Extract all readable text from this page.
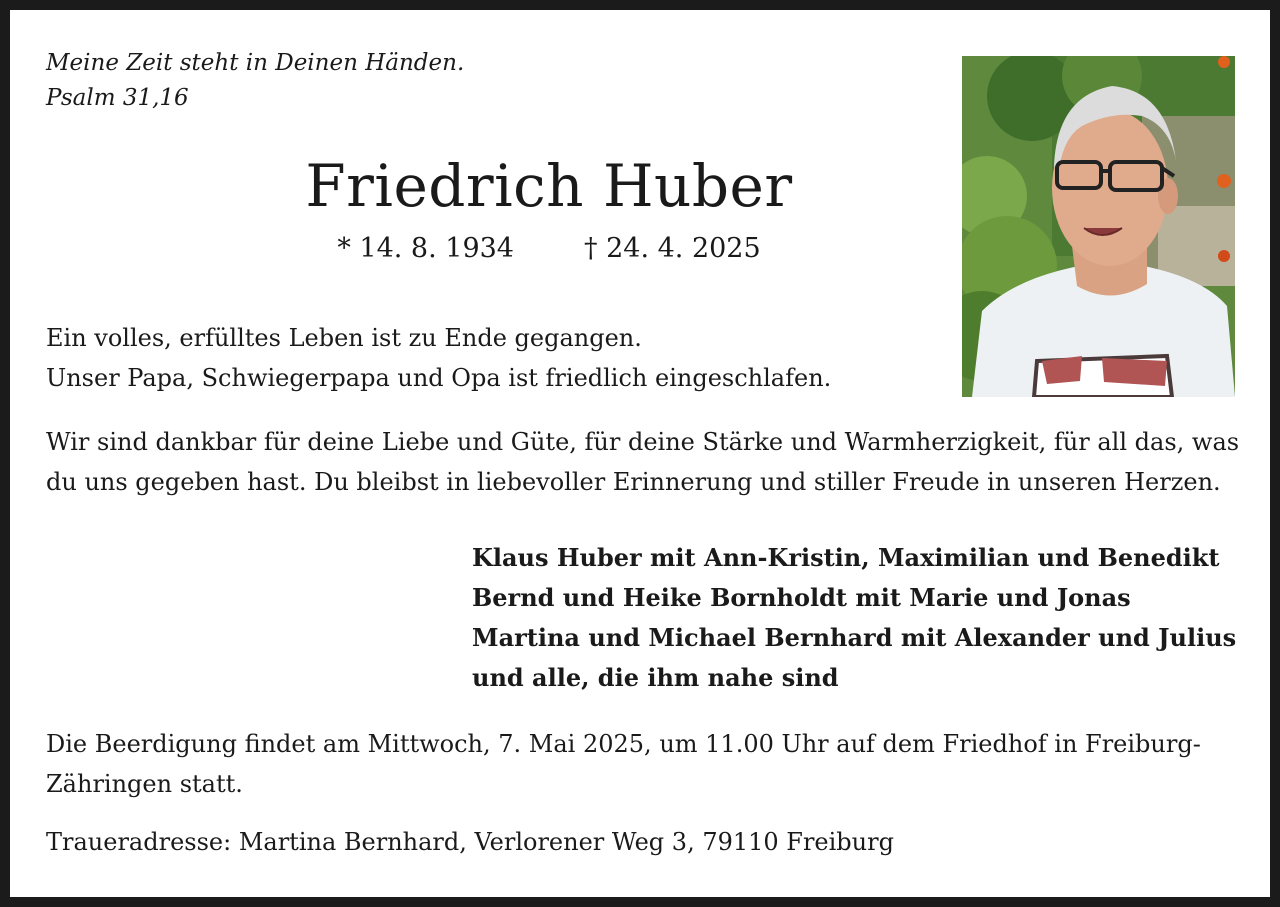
Meine Zeit steht in Deinen Händen.
Psalm 31,16
Friedrich Huber
* 14. 8. 1934	† 24. 4. 2025
Ein volles, erfülltes Leben ist zu Ende gegangen.
Unser Papa, Schwiegerpapa und Opa ist friedlich eingeschlafen.
Wir sind dankbar für deine Liebe und Güte, für deine Stärke und Warmherzigkeit, für all das, was
du uns gegeben hast. Du bleibst in liebevoller Erinnerung und stiller Freude in unseren Herzen.
Klaus Huber mit Ann-Kristin, Maximilian und Benedikt
Bernd und Heike Bornholdt mit Marie und Jonas
Martina und Michael Bernhard mit Alexander und Julius
und alle, die ihm nahe sind
Die Beerdigung findet am Mittwoch, 7. Mai 2025, um 11.00 Uhr auf dem Friedhof in Freiburg-
Zähringen statt.
Traueradresse: Martina Bernhard, Verlorener Weg 3, 79110 Freiburg
